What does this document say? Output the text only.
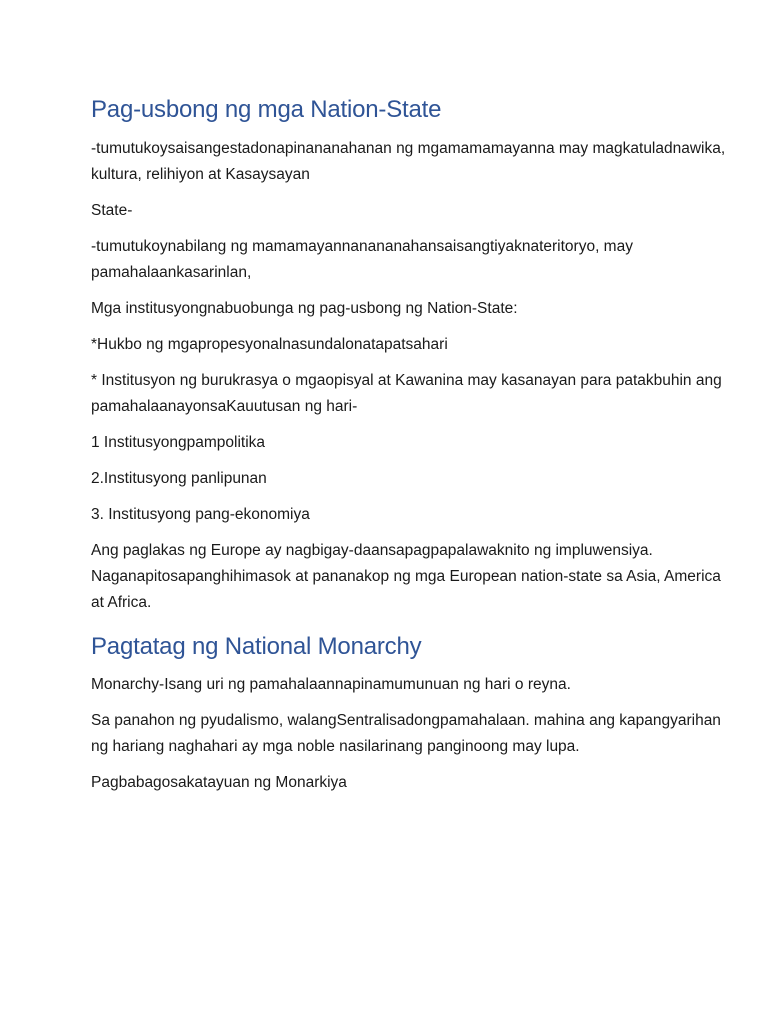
Pag-usbong ng mga Nation-State

-tumutukoysaisangestadonapinananahanan ng mgamamamayanna may magkatuladnawika, kultura, relihiyon at Kasaysayan

State-

-tumutukoynabilang ng mamamayannanananahansaisangtiyaknateritoryo, may pamahalaankasarinlan,

Mga institusyongnabuobunga ng pag-usbong ng Nation-State:

*Hukbo ng mgapropesyonalnasundalonatapatsahari

* Institusyon ng burukrasya o mgaopisyal at Kawanina may kasanayan para patakbuhin ang pamahalaanayonsaKauutusan ng hari-

1 Institusyongpampolitika

2.Institusyong panlipunan

3. Institusyong pang-ekonomiya

Ang paglakas ng Europe ay nagbigay-daansapagpapalawaknito ng impluwensiya. Naganapitosapanghihimasok at pananakop ng mga European nation-state sa Asia, America at Africa.

Pagtatag ng National Monarchy

Monarchy-Isang uri ng pamahalaannapinamumunuan ng hari o reyna.

Sa panahon ng pyudalismo, walangSentralisadongpamahalaan. mahina ang kapangyarihan ng hariang naghahari ay mga noble nasilarinang panginoong may lupa.

Pagbabagosakatayuan ng Monarkiya
